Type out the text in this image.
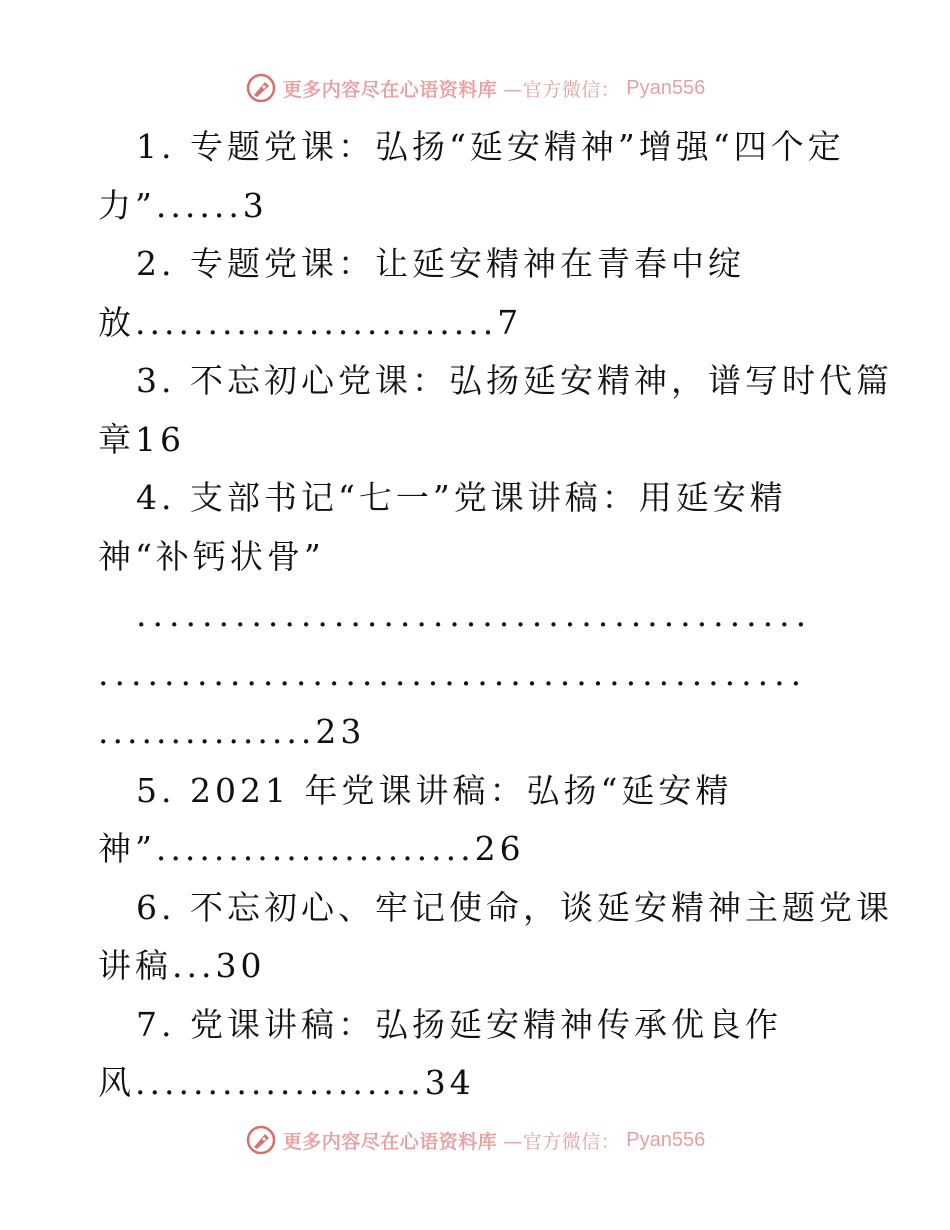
更多内容尽在心语资料库 —官方微信： Pyan556
1. 专题党课：弘扬“延安精神”增强“四个定
力”......3
2. 专题党课：让延安精神在青春中绽
放.........................7
3. 不忘初心党课：弘扬延安精神，谱写时代篇
章16
4. 支部书记“七一”党课讲稿：用延安精
神“补钙状骨”
.........................................
...........................................
...............23
5. 2021 年党课讲稿：弘扬“延安精
神”......................26
6. 不忘初心、牢记使命，谈延安精神主题党课
讲稿...30
7. 党课讲稿：弘扬延安精神传承优良作
风....................34
更多内容尽在心语资料库 —官方微信： Pyan556
